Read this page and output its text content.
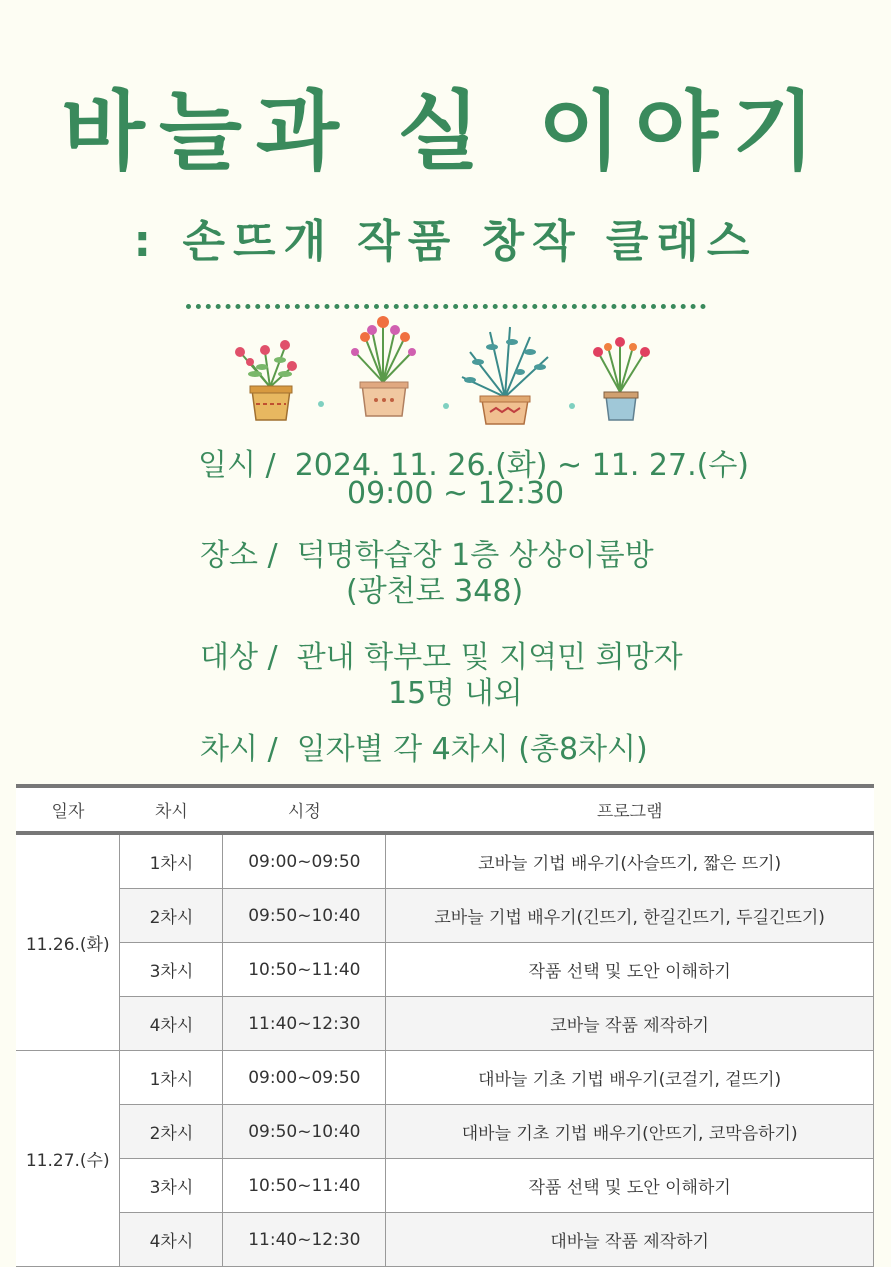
바늘과 실 이야기
: 손뜨개 작품 창작 클래스
일시 / 2024. 11. 26.(화) ~ 11. 27.(수)
09:00 ~ 12:30
장소 / 덕명학습장 1층 상상이룸방
(광천로 348)
대상 / 관내 학부모 및 지역민 희망자
15명 내외
차시 / 일자별 각 4차시 (총8차시)
일자	차시	시정	프로그램
11.26.(화)	1차시	09:00~09:50	코바늘 기법 배우기(사슬뜨기, 짧은 뜨기)
	2차시	09:50~10:40	코바늘 기법 배우기(긴뜨기, 한길긴뜨기, 두길긴뜨기)
	3차시	10:50~11:40	작품 선택 및 도안 이해하기
	4차시	11:40~12:30	코바늘 작품 제작하기
11.27.(수)	1차시	09:00~09:50	대바늘 기초 기법 배우기(코걸기, 겉뜨기)
	2차시	09:50~10:40	대바늘 기초 기법 배우기(안뜨기, 코막음하기)
	3차시	10:50~11:40	작품 선택 및 도안 이해하기
	4차시	11:40~12:30	대바늘 작품 제작하기
